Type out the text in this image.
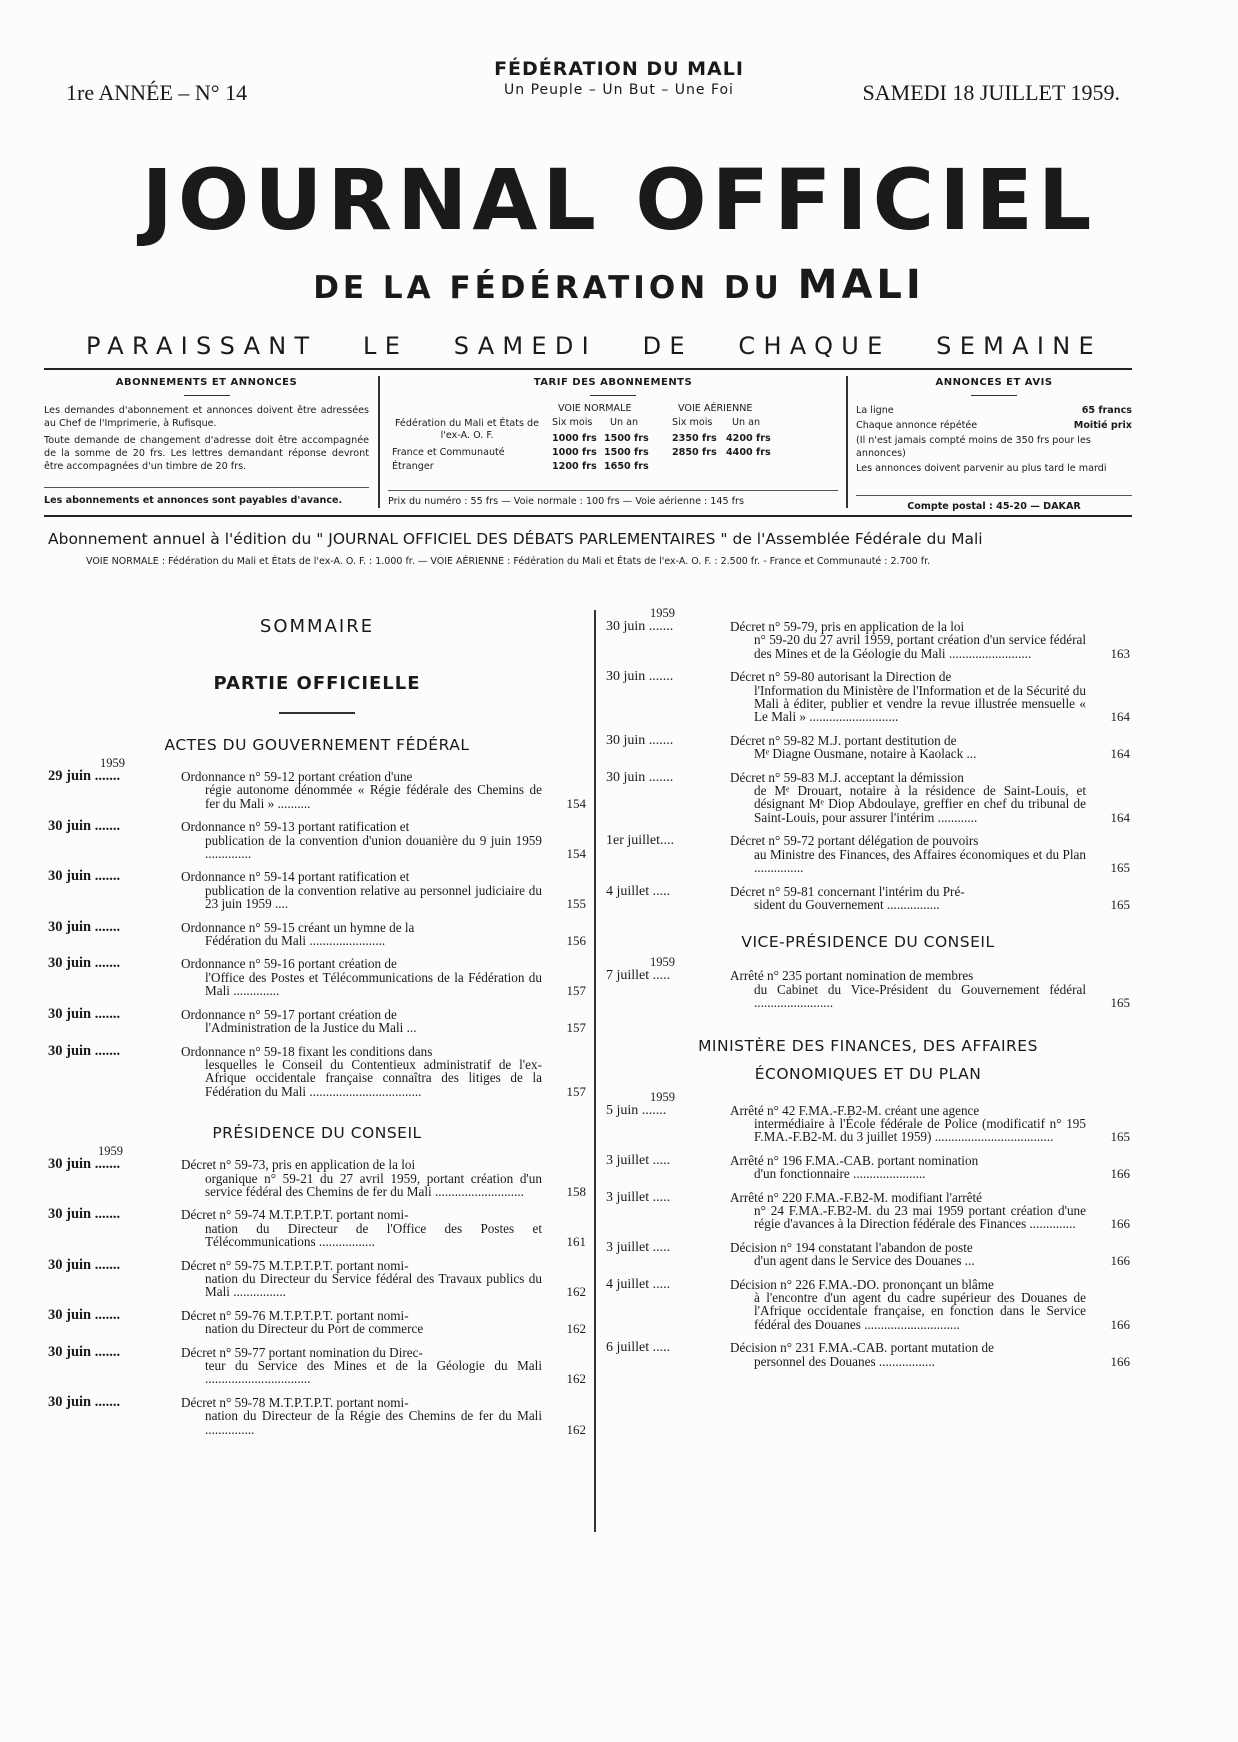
FÉDÉRATION DU MALI
Un Peuple – Un But – Une Foi
1re ANNÉE – N° 14	SAMEDI 18 JUILLET 1959.
JOURNAL OFFICIEL
DE LA FÉDÉRATION DU MALI
PARAISSANT LE SAMEDI DE CHAQUE SEMAINE
ABONNEMENTS ET ANNONCES
Les demandes d'abonnement et annonces doivent être adressées au Chef de l'Imprimerie, à Rufisque.
Toute demande de changement d'adresse doit être accompagnée de la somme de 20 frs. Les lettres demandant réponse devront être accompagnées d'un timbre de 20 frs.
Les abonnements et annonces sont payables d'avance.
TARIF DES ABONNEMENTS
VOIE NORMALE	VOIE AÉRIENNE
Six mois Un an	Six mois Un an
Fédération du Mali et États de l'ex-A. O. F.	1000 frs 1500 frs 2350 frs 4200 frs
France et Communauté	1000 frs 1500 frs 2850 frs 4400 frs
Étranger	1200 frs 1650 frs
Prix du numéro : 55 frs — Voie normale : 100 frs — Voie aérienne : 145 frs
ANNONCES ET AVIS
La ligne	65 francs
Chaque annonce répétée	Moitié prix
(Il n'est jamais compté moins de 350 frs pour les annonces)
Les annonces doivent parvenir au plus tard le mardi
Compte postal : 45-20 — DAKAR
Abonnement annuel à l'édition du " JOURNAL OFFICIEL DES DÉBATS PARLEMENTAIRES " de l'Assemblée Fédérale du Mali
VOIE NORMALE : Fédération du Mali et États de l'ex-A. O. F. : 1.000 fr. — VOIE AÉRIENNE : Fédération du Mali et États de l'ex-A. O. F. : 2.500 fr. - France et Communauté : 2.700 fr.
SOMMAIRE
PARTIE OFFICIELLE
ACTES DU GOUVERNEMENT FÉDÉRAL
1959
29 juin .......	Ordonnance n° 59-12 portant création d'une
régie autonome dénommée « Régie fédérale des Chemins de fer du Mali » ..........	154
30 juin .......	Ordonnance n° 59-13 portant ratification et
publication de la convention d'union douanière du 9 juin 1959 ..............	154
30 juin .......	Ordonnance n° 59-14 portant ratification et
publication de la convention relative au personnel judiciaire du 23 juin 1959 ....	155
30 juin .......	Ordonnance n° 59-15 créant un hymne de la
Fédération du Mali .......................	156
30 juin .......	Ordonnance n° 59-16 portant création de
l'Office des Postes et Télécommunications de la Fédération du Mali ..............	157
30 juin .......	Ordonnance n° 59-17 portant création de
l'Administration de la Justice du Mali ...	157
30 juin .......	Ordonnance n° 59-18 fixant les conditions dans
lesquelles le Conseil du Contentieux administratif de l'ex-Afrique occidentale française connaîtra des litiges de la Fédération du Mali ..................................	157
PRÉSIDENCE DU CONSEIL
1959
30 juin .......	Décret n° 59-73, pris en application de la loi
organique n° 59-21 du 27 avril 1959, portant création d'un service fédéral des Chemins de fer du Mali ...........................	158
30 juin .......	Décret n° 59-74 M.T.P.T.P.T. portant nomi-
nation du Directeur de l'Office des Postes et Télécommunications .................	161
30 juin .......	Décret n° 59-75 M.T.P.T.P.T. portant nomi-
nation du Directeur du Service fédéral des Travaux publics du Mali ................	162
30 juin .......	Décret n° 59-76 M.T.P.T.P.T. portant nomi-
nation du Directeur du Port de commerce	162
30 juin .......	Décret n° 59-77 portant nomination du Direc-
teur du Service des Mines et de la Géologie du Mali ................................	162
30 juin .......	Décret n° 59-78 M.T.P.T.P.T. portant nomi-
nation du Directeur de la Régie des Chemins de fer du Mali ...............	162
1959
30 juin .......	Décret n° 59-79, pris en application de la loi
n° 59-20 du 27 avril 1959, portant création d'un service fédéral des Mines et de la Géologie du Mali .........................	163
30 juin .......	Décret n° 59-80 autorisant la Direction de
l'Information du Ministère de l'Information et de la Sécurité du Mali à éditer, publier et vendre la revue illustrée mensuelle « Le Mali » ...........................	164
30 juin .......	Décret n° 59-82 M.J. portant destitution de
Mᵉ Diagne Ousmane, notaire à Kaolack ...	164
30 juin .......	Décret n° 59-83 M.J. acceptant la démission
de Mᵉ Drouart, notaire à la résidence de Saint-Louis, et désignant Mᵉ Diop Abdoulaye, greffier en chef du tribunal de Saint-Louis, pour assurer l'intérim ............	164
1er juillet....	Décret n° 59-72 portant délégation de pouvoirs
au Ministre des Finances, des Affaires économiques et du Plan ...............	165
4 juillet .....	Décret n° 59-81 concernant l'intérim du Pré-
sident du Gouvernement ................	165
VICE-PRÉSIDENCE DU CONSEIL
1959
7 juillet .....	Arrêté n° 235 portant nomination de membres
du Cabinet du Vice-Président du Gouvernement fédéral ........................	165
MINISTÈRE DES FINANCES, DES AFFAIRES ÉCONOMIQUES ET DU PLAN
1959
5 juin .......	Arrêté n° 42 F.MA.-F.B2-M. créant une agence
intermédiaire à l'École fédérale de Police (modificatif n° 195 F.MA.-F.B2-M. du 3 juillet 1959) ....................................	165
3 juillet .....	Arrêté n° 196 F.MA.-CAB. portant nomination
d'un fonctionnaire ......................	166
3 juillet .....	Arrêté n° 220 F.MA.-F.B2-M. modifiant l'arrêté
n° 24 F.MA.-F.B2-M. du 23 mai 1959 portant création d'une régie d'avances à la Direction fédérale des Finances ..............	166
3 juillet .....	Décision n° 194 constatant l'abandon de poste
d'un agent dans le Service des Douanes ...	166
4 juillet .....	Décision n° 226 F.MA.-DO. prononçant un blâme
à l'encontre d'un agent du cadre supérieur des Douanes de l'Afrique occidentale française, en fonction dans le Service fédéral des Douanes .............................	166
6 juillet .....	Décision n° 231 F.MA.-CAB. portant mutation de
personnel des Douanes .................	166
